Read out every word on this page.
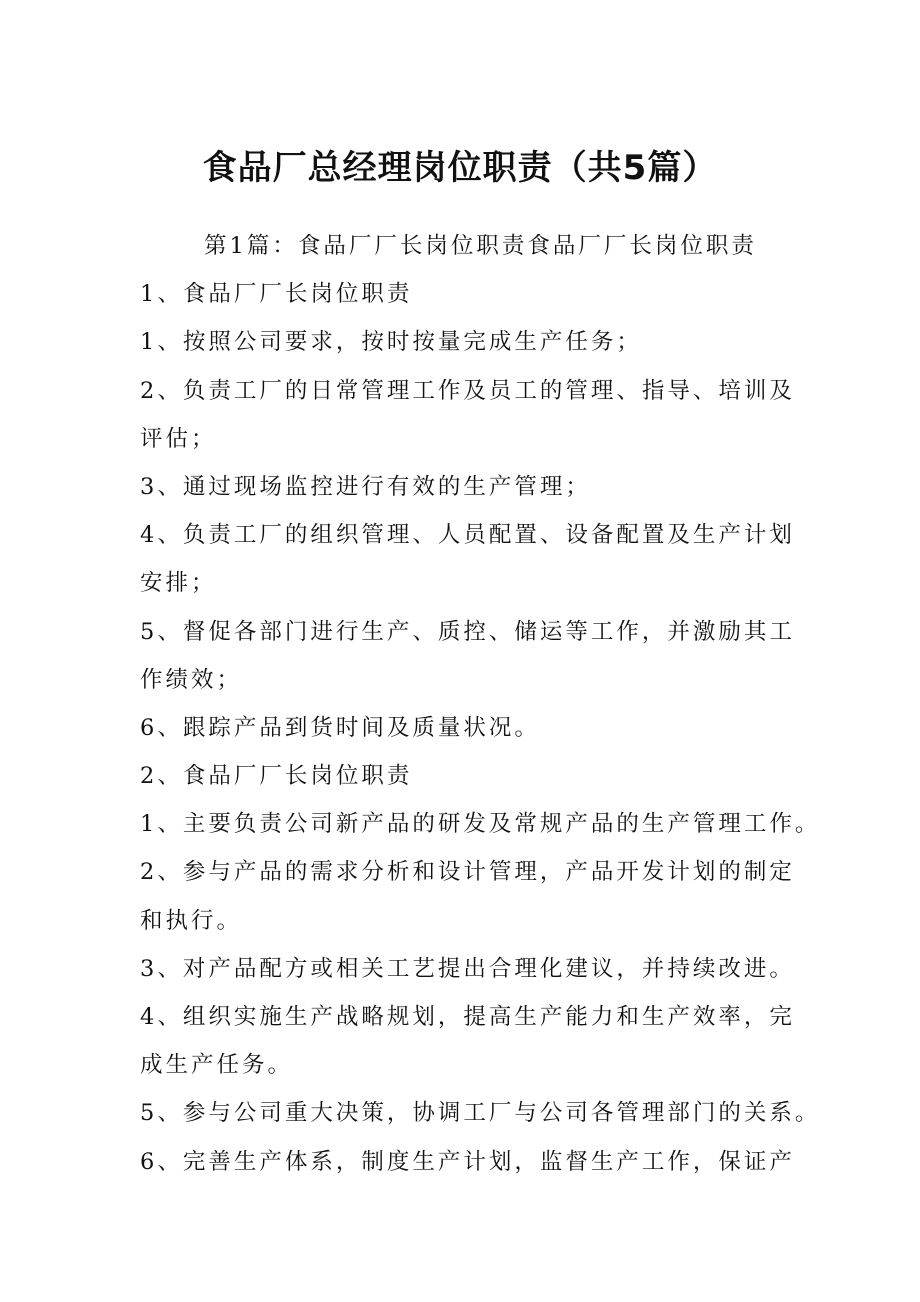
食品厂总经理岗位职责（共5篇）

第1篇：食品厂厂长岗位职责食品厂厂长岗位职责

1、食品厂厂长岗位职责

1、按照公司要求，按时按量完成生产任务；

2、负责工厂的日常管理工作及员工的管理、指导、培训及

评估；

3、通过现场监控进行有效的生产管理；

4、负责工厂的组织管理、人员配置、设备配置及生产计划

安排；

5、督促各部门进行生产、质控、储运等工作，并激励其工

作绩效；

6、跟踪产品到货时间及质量状况。

2、食品厂厂长岗位职责

1、主要负责公司新产品的研发及常规产品的生产管理工作。

2、参与产品的需求分析和设计管理，产品开发计划的制定

和执行。

3、对产品配方或相关工艺提出合理化建议，并持续改进。

4、组织实施生产战略规划，提高生产能力和生产效率，完

成生产任务。

5、参与公司重大决策，协调工厂与公司各管理部门的关系。

6、完善生产体系，制度生产计划，监督生产工作，保证产
